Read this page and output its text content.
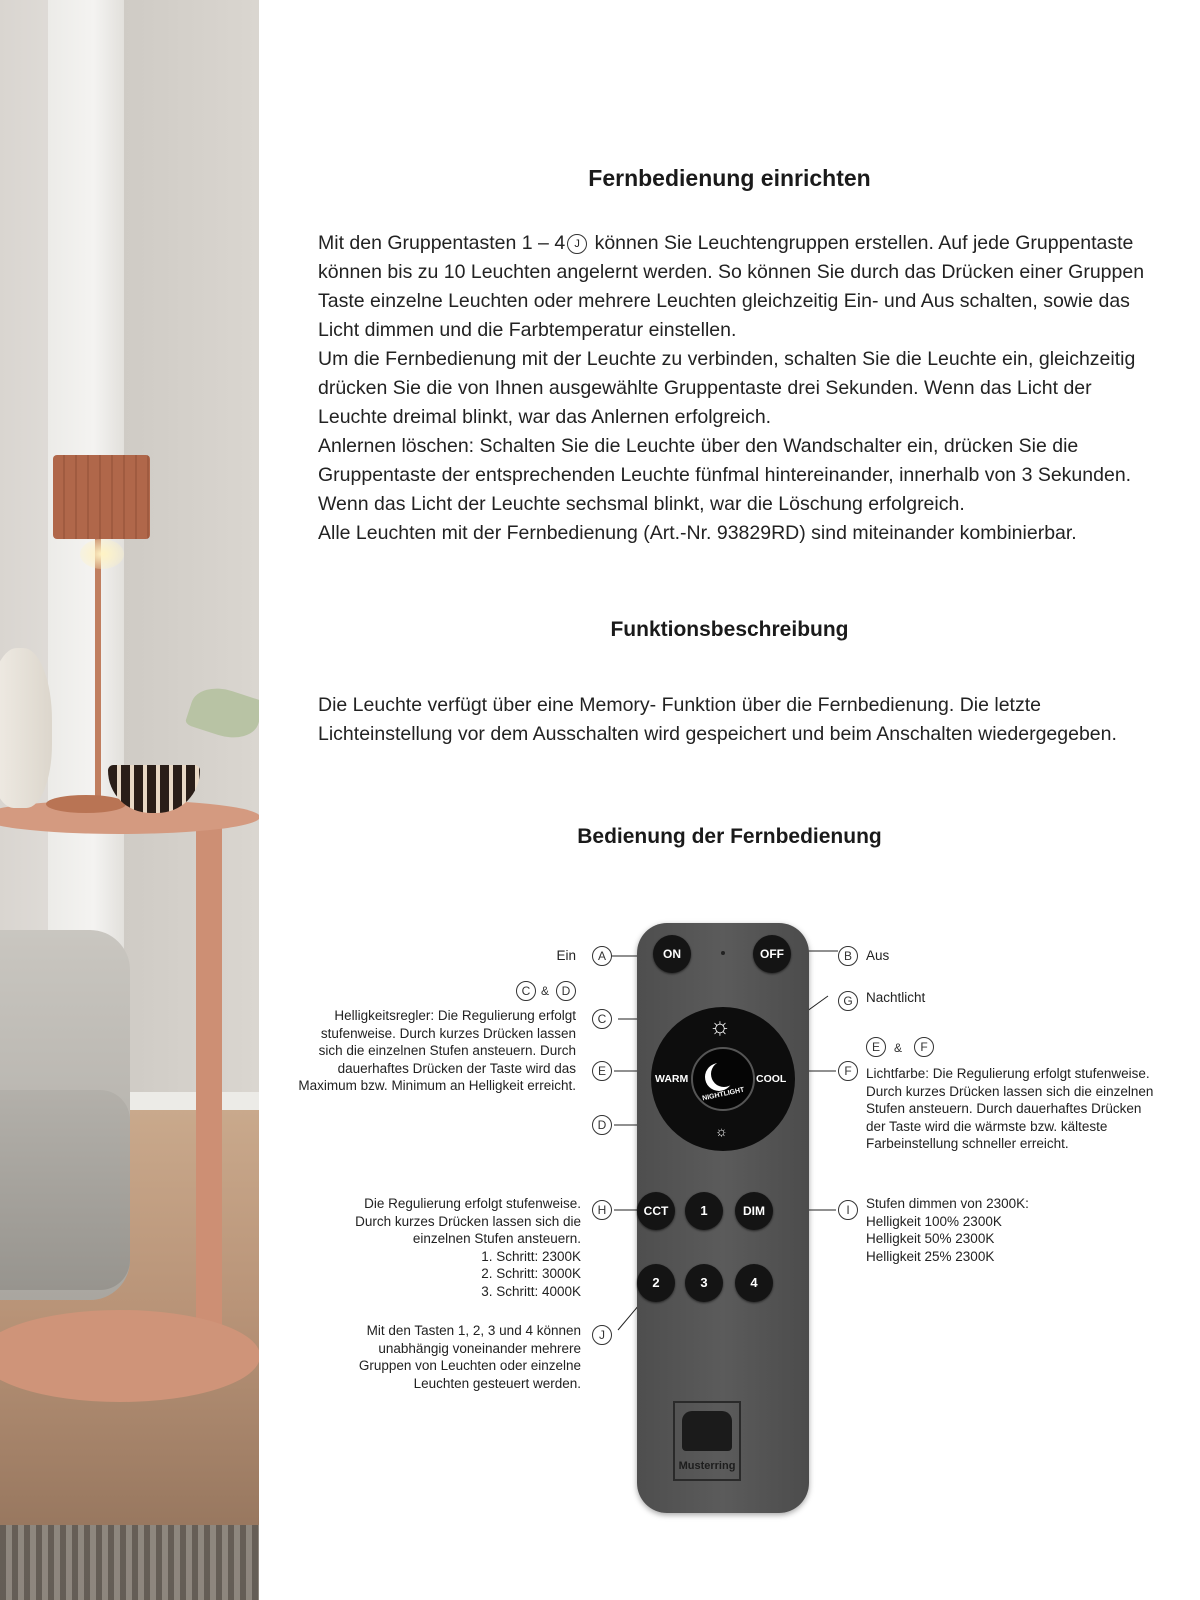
Fernbedienung einrichten

Mit den Gruppentasten 1 – 4 J können Sie Leuchtengruppen erstellen. Auf jede Gruppentaste können bis zu 10 Leuchten angelernt werden. So können Sie durch das Drücken einer Gruppen Taste einzelne Leuchten oder mehrere Leuchten gleichzeitig Ein- und Aus schalten, sowie das Licht dimmen und die Farbtemperatur einstellen.

Um die Fernbedienung mit der Leuchte zu verbinden, schalten Sie die Leuchte ein, gleichzeitig drücken Sie die von Ihnen ausgewählte Gruppentaste drei Sekunden. Wenn das Licht der Leuchte dreimal blinkt, war das Anlernen erfolgreich.

Anlernen löschen: Schalten Sie die Leuchte über den Wandschalter ein, drücken Sie die Gruppentaste der entsprechenden Leuchte fünfmal hintereinander, innerhalb von 3 Sekunden. Wenn das Licht der Leuchte sechsmal blinkt, war die Löschung erfolgreich.

Alle Leuchten mit der Fernbedienung (Art.-Nr. 93829RD) sind miteinander kombinierbar.

Funktionsbeschreibung

Die Leuchte verfügt über eine Memory- Funktion über die Fernbedienung. Die letzte Lichteinstellung vor dem Ausschalten wird gespeichert und beim Anschalten wiedergegeben.

Bedienung der Fernbedienung
ON	OFF
☼
WARM	COOL
NIGHTLIGHT
☼
CCT	1	DIM
2	3	4
Musterring
Ein	A
C &	D
Helligkeitsregler: Die Regulierung erfolgt stufenweise. Durch kurzes Drücken lassen sich die einzelnen Stufen ansteuern. Durch dauerhaftes Drücken der Taste wird das Maximum bzw. Minimum an Helligkeit erreicht.
C
E
D

Die Regulierung erfolgt stufenweise.

Durch kurzes Drücken lassen sich die

einzelnen Stufen ansteuern.

1. Schritt: 2300K

2. Schritt: 3000K

3. Schritt: 4000K

H
Mit den Tasten 1, 2, 3 und 4 können unabhängig voneinander mehrere Gruppen von Leuchten oder einzelne Leuchten gesteuert werden.
J
B	Aus
G Nachtlicht
E	&	F
F	Lichtfarbe: Die Regulierung erfolgt stufenweise. Durch kurzes Drücken lassen sich die einzelnen Stufen ansteuern. Durch dauerhaftes Drücken der Taste wird die wärmste bzw. kälteste Farbeinstellung schneller erreicht.
I	Stufen dimmen von 2300K:

Helligkeit 100% 2300K

Helligkeit 50% 2300K

Helligkeit 25% 2300K
